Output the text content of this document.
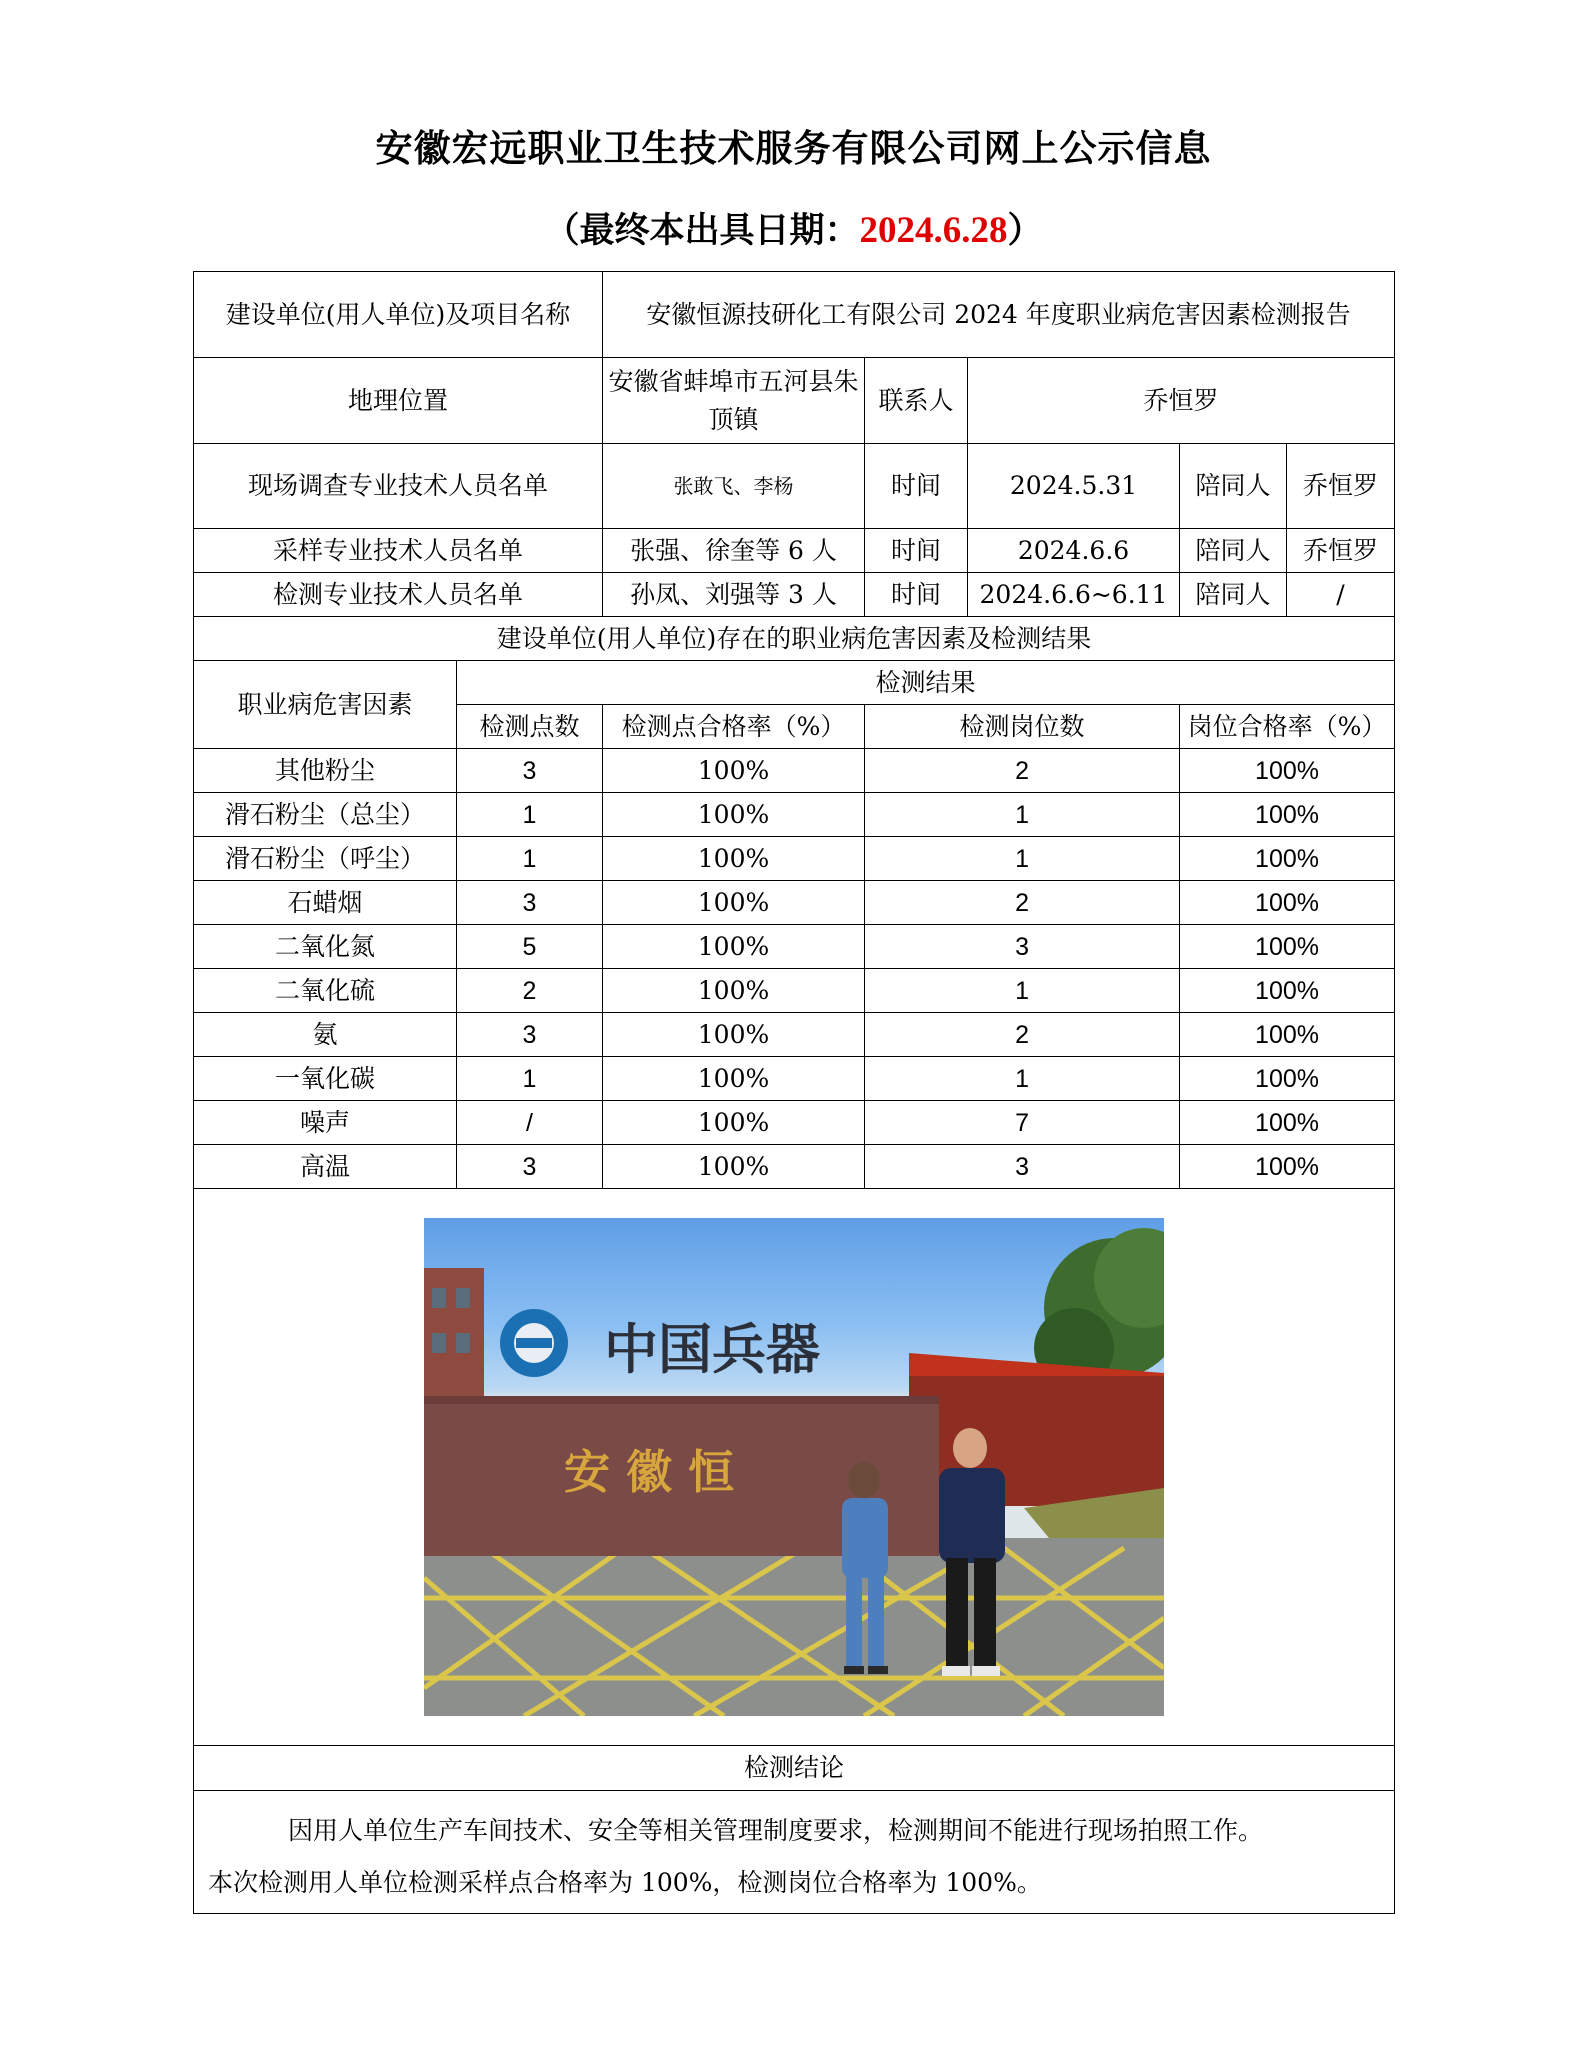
安徽宏远职业卫生技术服务有限公司网上公示信息
（最终本出具日期：2024.6.28）
建设单位(用人单位)及项目名称		安徽恒源技研化工有限公司 2024 年度职业病危害因素检测报告				
地理位置		安徽省蚌埠市五河县朱顶镇	联系人	乔恒罗		
现场调查专业技术人员名单		张敢飞、李杨	时间	2024.5.31	陪同人	乔恒罗
采样专业技术人员名单		张强、徐奎等 6 人	时间	2024.6.6	陪同人	乔恒罗
检测专业技术人员名单		孙凤、刘强等 3 人	时间	2024.6.6~6.11	陪同人	/
建设单位(用人单位)存在的职业病危害因素及检测结果						
职业病危害因素	检测结果					
	检测点数	检测点合格率（%）	检测岗位数		岗位合格率（%）	
其他粉尘	3	100%	2		100%	
滑石粉尘（总尘）	1	100%	1		100%	
滑石粉尘（呼尘）	1	100%	1		100%	
石蜡烟	3	100%	2		100%	
二氧化氮	5	100%	3		100%	
二氧化硫	2	100%	1		100%	
氨	3	100%	2		100%	
一氧化碳	1	100%	1		100%	
噪声	/	100%	7		100%	
高温	3	100%	3		100%	

中国兵器
安 徽 恒						

检测结论						

因用人单位生产车间技术、安全等相关管理制度要求，检测期间不能进行现场拍照工作。

本次检测用人单位检测采样点合格率为 100%，检测岗位合格率为 100%。						
